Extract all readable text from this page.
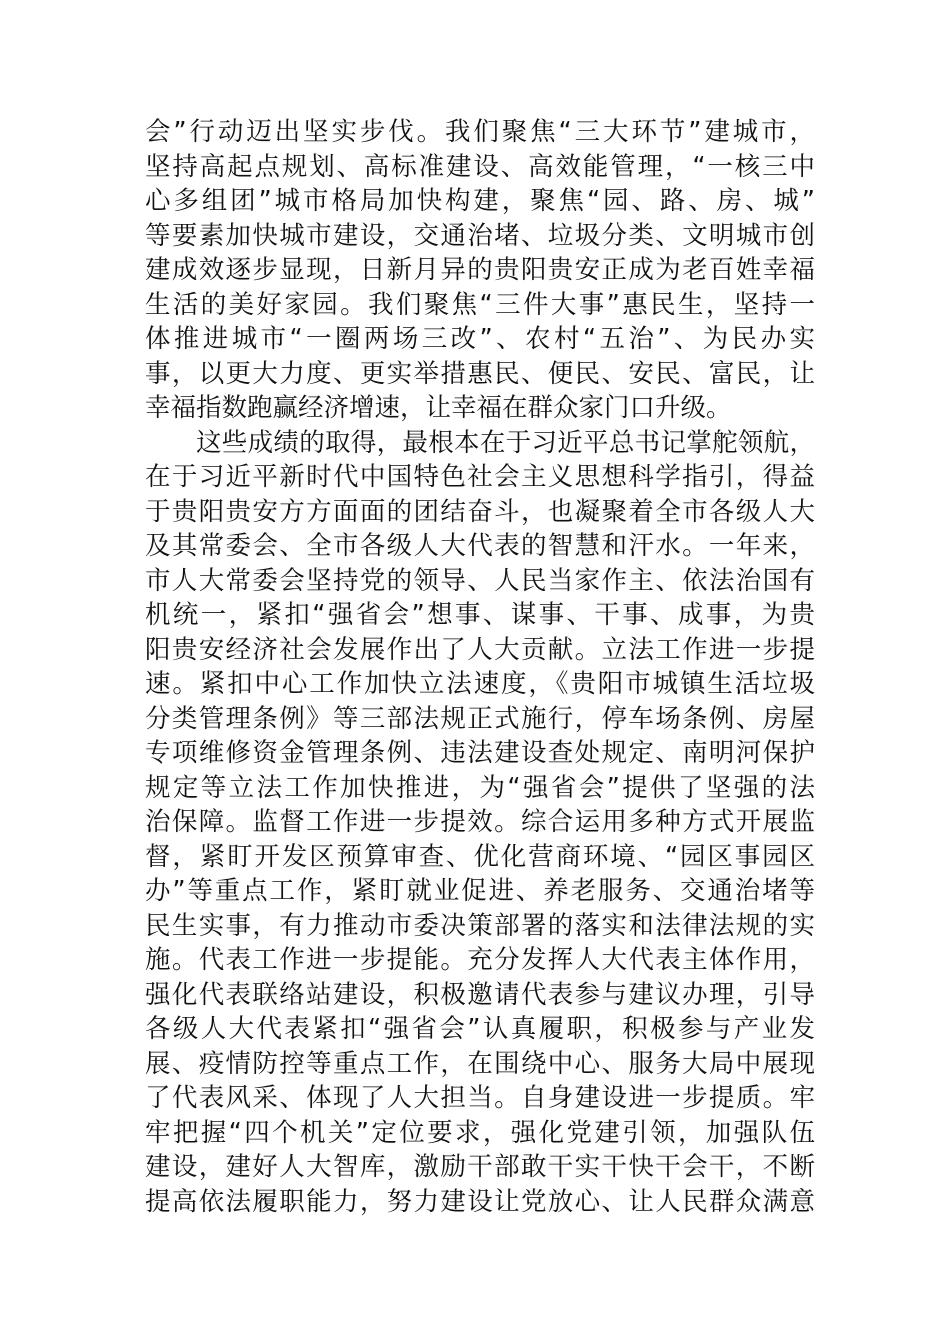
会”行动迈出坚实步伐。我们聚焦“三大环节”建城市，
坚持高起点规划、高标准建设、高效能管理，“一核三中
心多组团”城市格局加快构建，聚焦“园、路、房、城”
等要素加快城市建设，交通治堵、垃圾分类、文明城市创
建成效逐步显现，日新月异的贵阳贵安正成为老百姓幸福
生活的美好家园。我们聚焦“三件大事”惠民生，坚持一
体推进城市“一圈两场三改”、农村“五治”、为民办实
事，以更大力度、更实举措惠民、便民、安民、富民，让
幸福指数跑赢经济增速，让幸福在群众家门口升级。
这些成绩的取得，最根本在于习近平总书记掌舵领航，
在于习近平新时代中国特色社会主义思想科学指引，得益
于贵阳贵安方方面面的团结奋斗，也凝聚着全市各级人大
及其常委会、全市各级人大代表的智慧和汗水。一年来，
市人大常委会坚持党的领导、人民当家作主、依法治国有
机统一，紧扣“强省会”想事、谋事、干事、成事，为贵
阳贵安经济社会发展作出了人大贡献。立法工作进一步提
速。紧扣中心工作加快立法速度，《贵阳市城镇生活垃圾
分类管理条例》等三部法规正式施行，停车场条例、房屋
专项维修资金管理条例、违法建设查处规定、南明河保护
规定等立法工作加快推进，为“强省会”提供了坚强的法
治保障。监督工作进一步提效。综合运用多种方式开展监
督，紧盯开发区预算审查、优化营商环境、“园区事园区
办”等重点工作，紧盯就业促进、养老服务、交通治堵等
民生实事，有力推动市委决策部署的落实和法律法规的实
施。代表工作进一步提能。充分发挥人大代表主体作用，
强化代表联络站建设，积极邀请代表参与建议办理，引导
各级人大代表紧扣“强省会”认真履职，积极参与产业发
展、疫情防控等重点工作，在围绕中心、服务大局中展现
了代表风采、体现了人大担当。自身建设进一步提质。牢
牢把握“四个机关”定位要求，强化党建引领，加强队伍
建设，建好人大智库，激励干部敢干实干快干会干，不断
提高依法履职能力，努力建设让党放心、让人民群众满意
